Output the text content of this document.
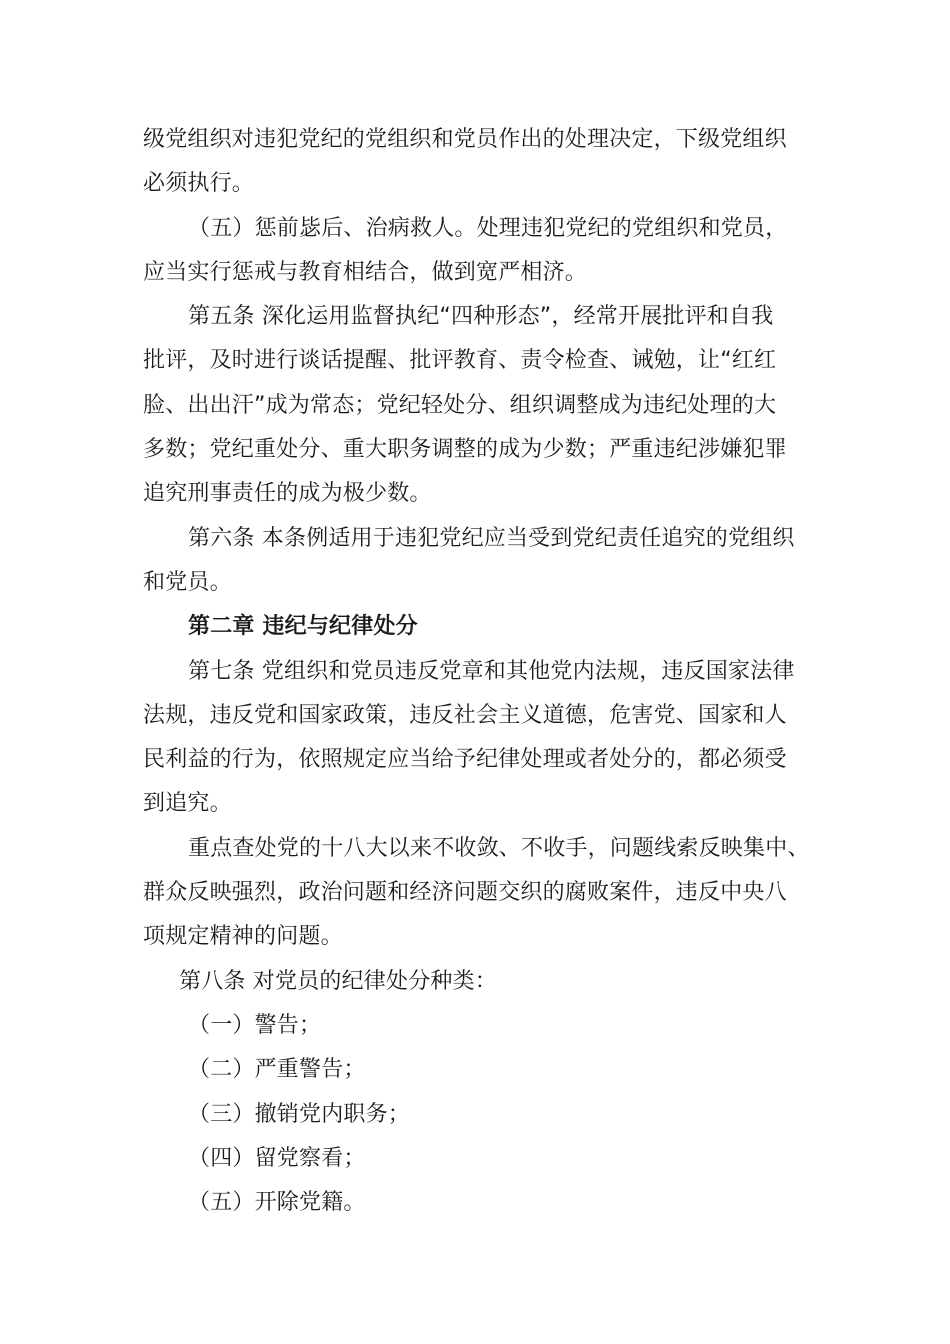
级党组织对违犯党纪的党组织和党员作出的处理决定，下级党组织
必须执行。
（五）惩前毖后、治病救人。处理违犯党纪的党组织和党员，
应当实行惩戒与教育相结合，做到宽严相济。
第五条 深化运用监督执纪“四种形态”，经常开展批评和自我
批评，及时进行谈话提醒、批评教育、责令检查、诫勉，让“红红
脸、出出汗”成为常态；党纪轻处分、组织调整成为违纪处理的大
多数；党纪重处分、重大职务调整的成为少数；严重违纪涉嫌犯罪
追究刑事责任的成为极少数。
第六条 本条例适用于违犯党纪应当受到党纪责任追究的党组织
和党员。
第二章 违纪与纪律处分
第七条 党组织和党员违反党章和其他党内法规，违反国家法律
法规，违反党和国家政策，违反社会主义道德，危害党、国家和人
民利益的行为，依照规定应当给予纪律处理或者处分的，都必须受
到追究。
重点查处党的十八大以来不收敛、不收手，问题线索反映集中、
群众反映强烈，政治问题和经济问题交织的腐败案件，违反中央八
项规定精神的问题。
第八条 对党员的纪律处分种类：
（一）警告；
（二）严重警告；
（三）撤销党内职务；
（四）留党察看；
（五）开除党籍。
